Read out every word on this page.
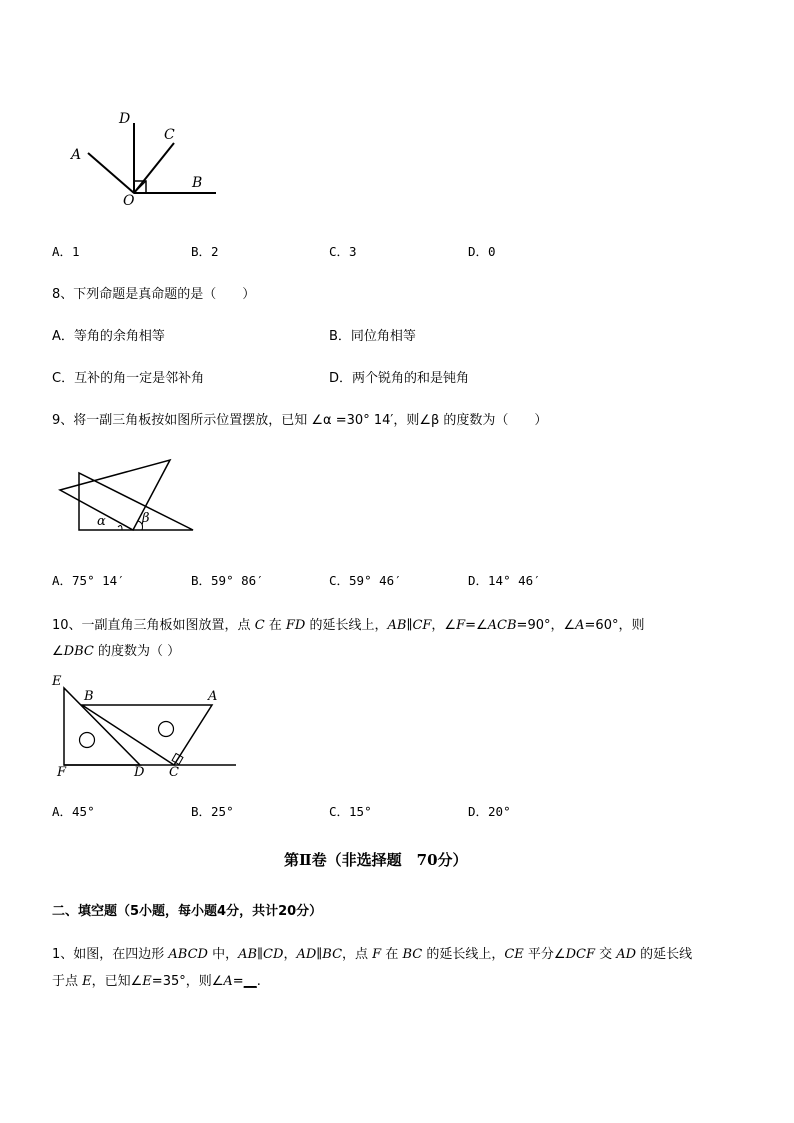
D
C
A
B
O
A．1	B．2	C．3	D．0
8、下列命题是真命题的是（　　）
A．等角的余角相等	B．同位角相等
C．互补的角一定是邻补角	D．两个锐角的和是钝角
9、将一副三角板按如图所示位置摆放，已知 ∠α =30° 14′，则∠β 的度数为（　　）
α	β
A．75° 14′	B．59° 86′	C．59° 46′	D．14° 46′
10、一副直角三角板如图放置，点 C 在 FD 的延长线上，AB∥CF，∠F=∠ACB=90°，∠A=60°，则
∠DBC 的度数为（ ）
E
B	A
F	D C
A．45°	B．25°	C．15°	D．20°
第Ⅱ卷（非选择题　70分）
二、填空题（5小题，每小题4分，共计20分）
1、如图，在四边形 ABCD 中，AB∥CD，AD∥BC，点 F 在 BC 的延长线上，CE 平分∠DCF 交 AD 的延长线
于点 E，已知∠E=35°，则∠A=__.
